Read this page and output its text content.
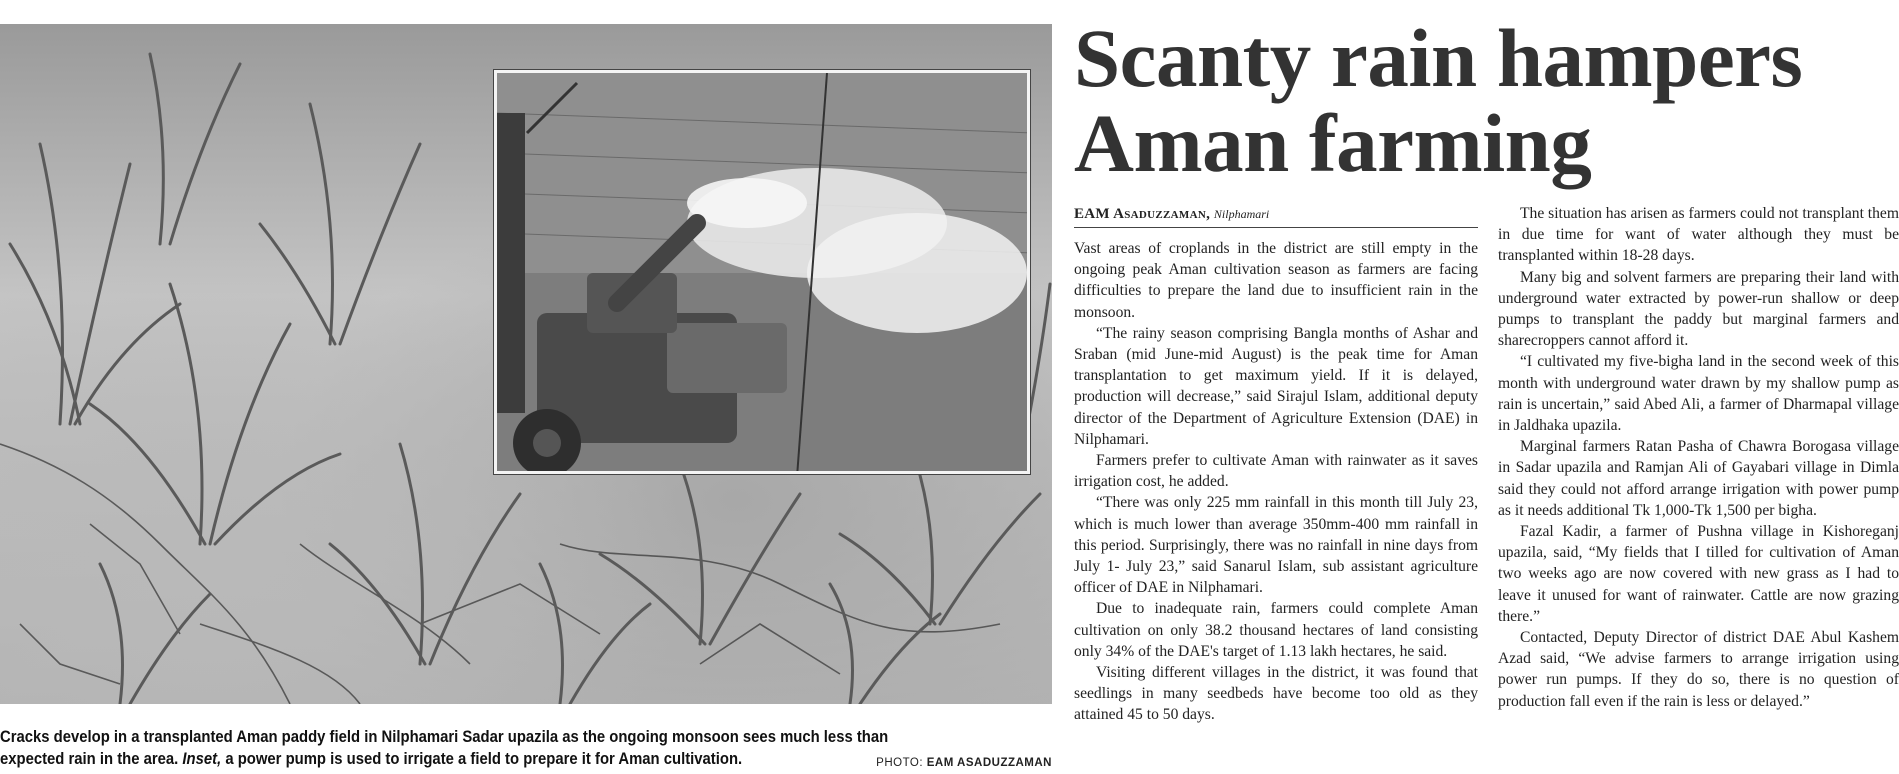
Cracks develop in a transplanted Aman paddy field in Nilphamari Sadar upazila as the ongoing monsoon sees much less than expected rain in the area. Inset, a power pump is used to irrigate a field to prepare it for Aman cultivation.	PHOTO: EAM ASADUZZAMAN
Scanty rain hampers
Aman farming
EAM Asaduzzaman, Nilphamari

Vast areas of croplands in the district are still empty in the ongoing peak Aman cultivation season as farmers are facing difficulties to prepare the land due to insufficient rain in the monsoon.

“The rainy season comprising Bangla months of Ashar and Sraban (mid June-mid August) is the peak time for Aman transplantation to get maximum yield. If it is delayed, production will decrease,” said Sirajul Islam, additional deputy director of the Department of Agriculture Extension (DAE) in Nilphamari.

Farmers prefer to cultivate Aman with rainwater as it saves irrigation cost, he added.

“There was only 225 mm rainfall in this month till July 23, which is much lower than average 350mm-400 mm rainfall in this period. Surprisingly, there was no rainfall in nine days from July 1- July 23,” said Sanarul Islam, sub assistant agriculture officer of DAE in Nilphamari.

Due to inadequate rain, farmers could complete Aman cultivation on only 38.2 thousand hectares of land consisting only 34% of the DAE's target of 1.13 lakh hectares, he said.

Visiting different villages in the district, it was found that seedlings in many seedbeds have become too old as they attained 45 to 50 days.

The situation has arisen as farmers could not transplant them in due time for want of water although they must be transplanted within 18-28 days.

Many big and solvent farmers are preparing their land with underground water extracted by power-run shallow or deep pumps to transplant the paddy but marginal farmers and sharecroppers cannot afford it.

“I cultivated my five-bigha land in the second week of this month with underground water drawn by my shallow pump as rain is uncertain,” said Abed Ali, a farmer of Dharmapal village in Jaldhaka upazila.

Marginal farmers Ratan Pasha of Chawra Borogasa village in Sadar upazila and Ramjan Ali of Gayabari village in Dimla said they could not afford arrange irrigation with power pump as it needs additional Tk 1,000-Tk 1,500 per bigha.

Fazal Kadir, a farmer of Pushna village in Kishoreganj upazila, said, “My fields that I tilled for cultivation of Aman two weeks ago are now covered with new grass as I had to leave it unused for want of rainwater. Cattle are now grazing there.”

Contacted, Deputy Director of district DAE Abul Kashem Azad said, “We advise farmers to arrange irrigation using power run pumps. If they do so, there is no question of production fall even if the rain is less or delayed.”
